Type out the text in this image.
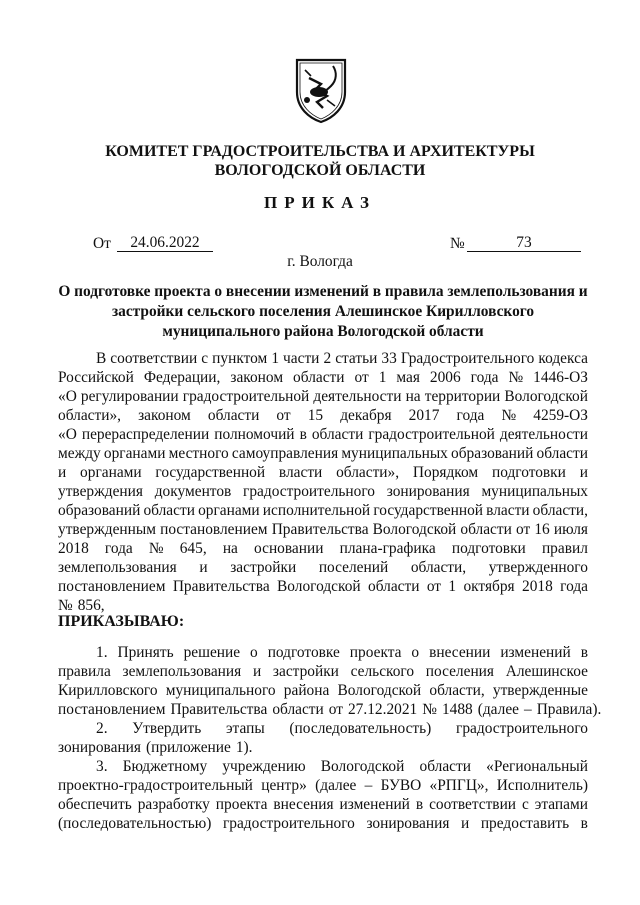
КОМИТЕТ ГРАДОСТРОИТЕЛЬСТВА И АРХИТЕКТУРЫ
ВОЛОГОДСКОЙ ОБЛАСТИ
ПРИКАЗ
От	24.06.2022	№	73
г. Вологда
О подготовке проекта о внесении изменений в правила землепользования и
застройки сельского поселения Алешинское Кирилловского
муниципального района Вологодской области
В соответствии с пунктом 1 части 2 статьи 33 Градостроительного кодекса
Российской Федерации, законом области от 1 мая 2006 года № 1446-ОЗ
«О регулировании градостроительной деятельности на территории Вологодской
области», законом области от 15 декабря 2017 года № 4259-ОЗ
«О перераспределении полномочий в области градостроительной деятельности
между органами местного самоуправления муниципальных образований области
и органами государственной власти области», Порядком подготовки и
утверждения документов градостроительного зонирования муниципальных
образований области органами исполнительной государственной власти области,
утвержденным постановлением Правительства Вологодской области от 16 июля
2018 года № 645, на основании плана-графика подготовки правил
землепользования и застройки поселений области, утвержденного
постановлением Правительства Вологодской области от 1 октября 2018 года
№ 856,
ПРИКАЗЫВАЮ:
1. Принять решение о подготовке проекта о внесении изменений в
правила землепользования и застройки сельского поселения Алешинское
Кирилловского муниципального района Вологодской области, утвержденные
постановлением Правительства области от 27.12.2021 № 1488 (далее – Правила).
2. Утвердить этапы (последовательность) градостроительного
зонирования (приложение 1).
3. Бюджетному учреждению Вологодской области «Региональный
проектно-градостроительный центр» (далее – БУВО «РПГЦ», Исполнитель)
обеспечить разработку проекта внесения изменений в соответствии с этапами
(последовательностью) градостроительного зонирования и предоставить в
